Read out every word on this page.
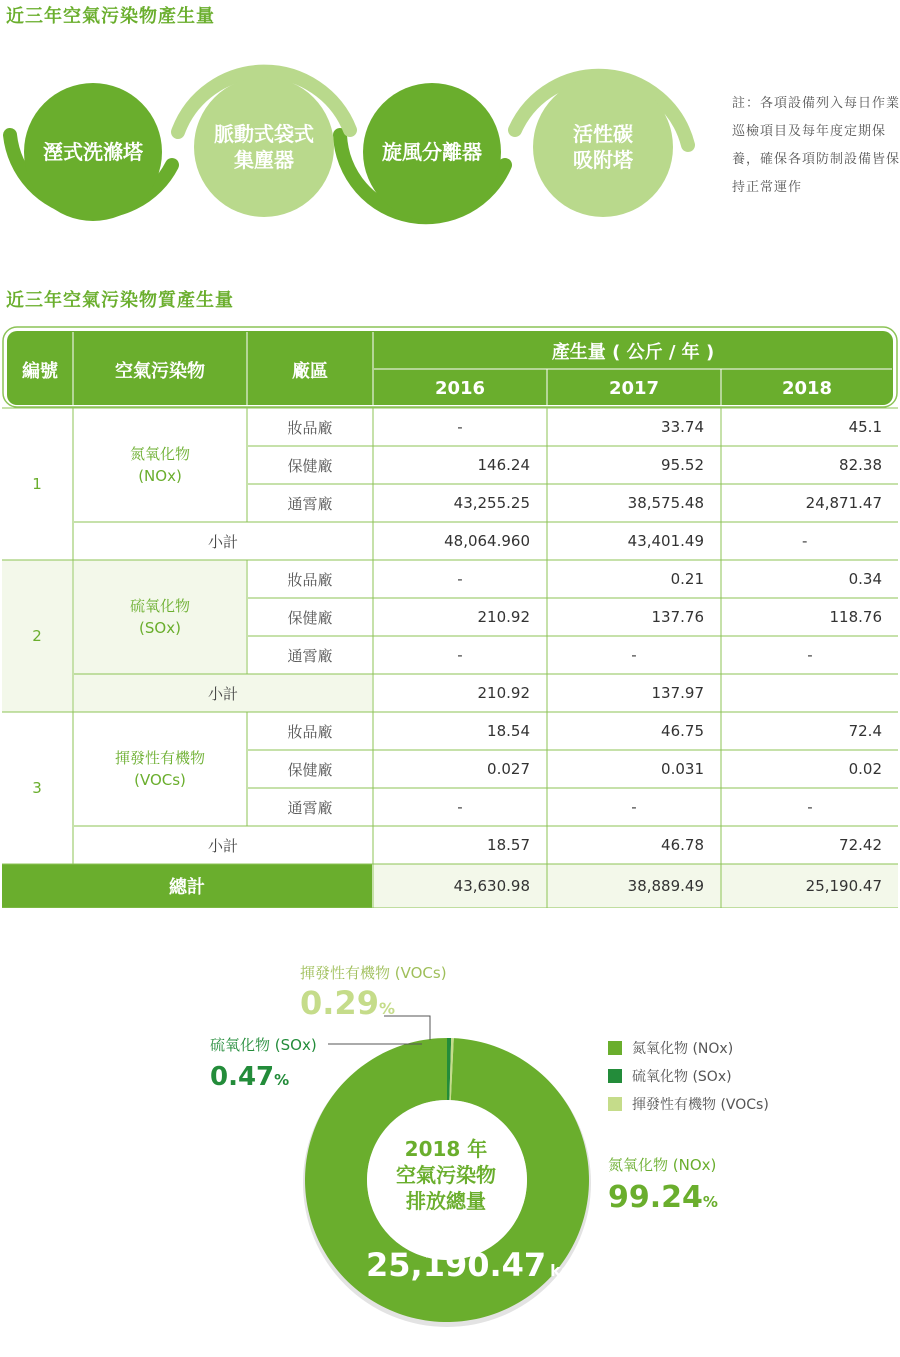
近三年空氣污染物產生量
溼式洗滌塔
脈動式袋式
集塵器	旋風分離器
活性碳
吸附塔
註：各項設備列入每日作業巡檢項目及每年度定期保養，確保各項防制設備皆保持正常運作
近三年空氣污染物質產生量
編號	空氣污染物	廠區
產生量 ( 公斤 / 年 )
2016	2017	2018
1
氮氧化物
(NOx)
妝品廠	-	33.74	45.1
保健廠	146.24	95.52	82.38
通霄廠	43,255.25	38,575.48	24,871.47
小計	48,064.960	43,401.49	-
2
硫氧化物
(SOx)
妝品廠	-	0.21	0.34
保健廠	210.92	137.76	118.76
通霄廠	-	-	-
小計	210.92	137.97
3
揮發性有機物
(VOCs)
妝品廠	18.54	46.75	72.4
保健廠	0.027	0.031	0.02
通霄廠	-	-	-
小計	18.57	46.78	72.42
總計	43,630.98	38,889.49	25,190.47
揮發性有機物 (VOCs)
0.29%
硫氧化物 (SOx)
0.47%
氮氧化物 (NOx)
99.24%
氮氧化物 (NOx)
硫氧化物 (SOx)
揮發性有機物 (VOCs)
2018 年
空氣污染物
排放總量
25,190.47 kg
